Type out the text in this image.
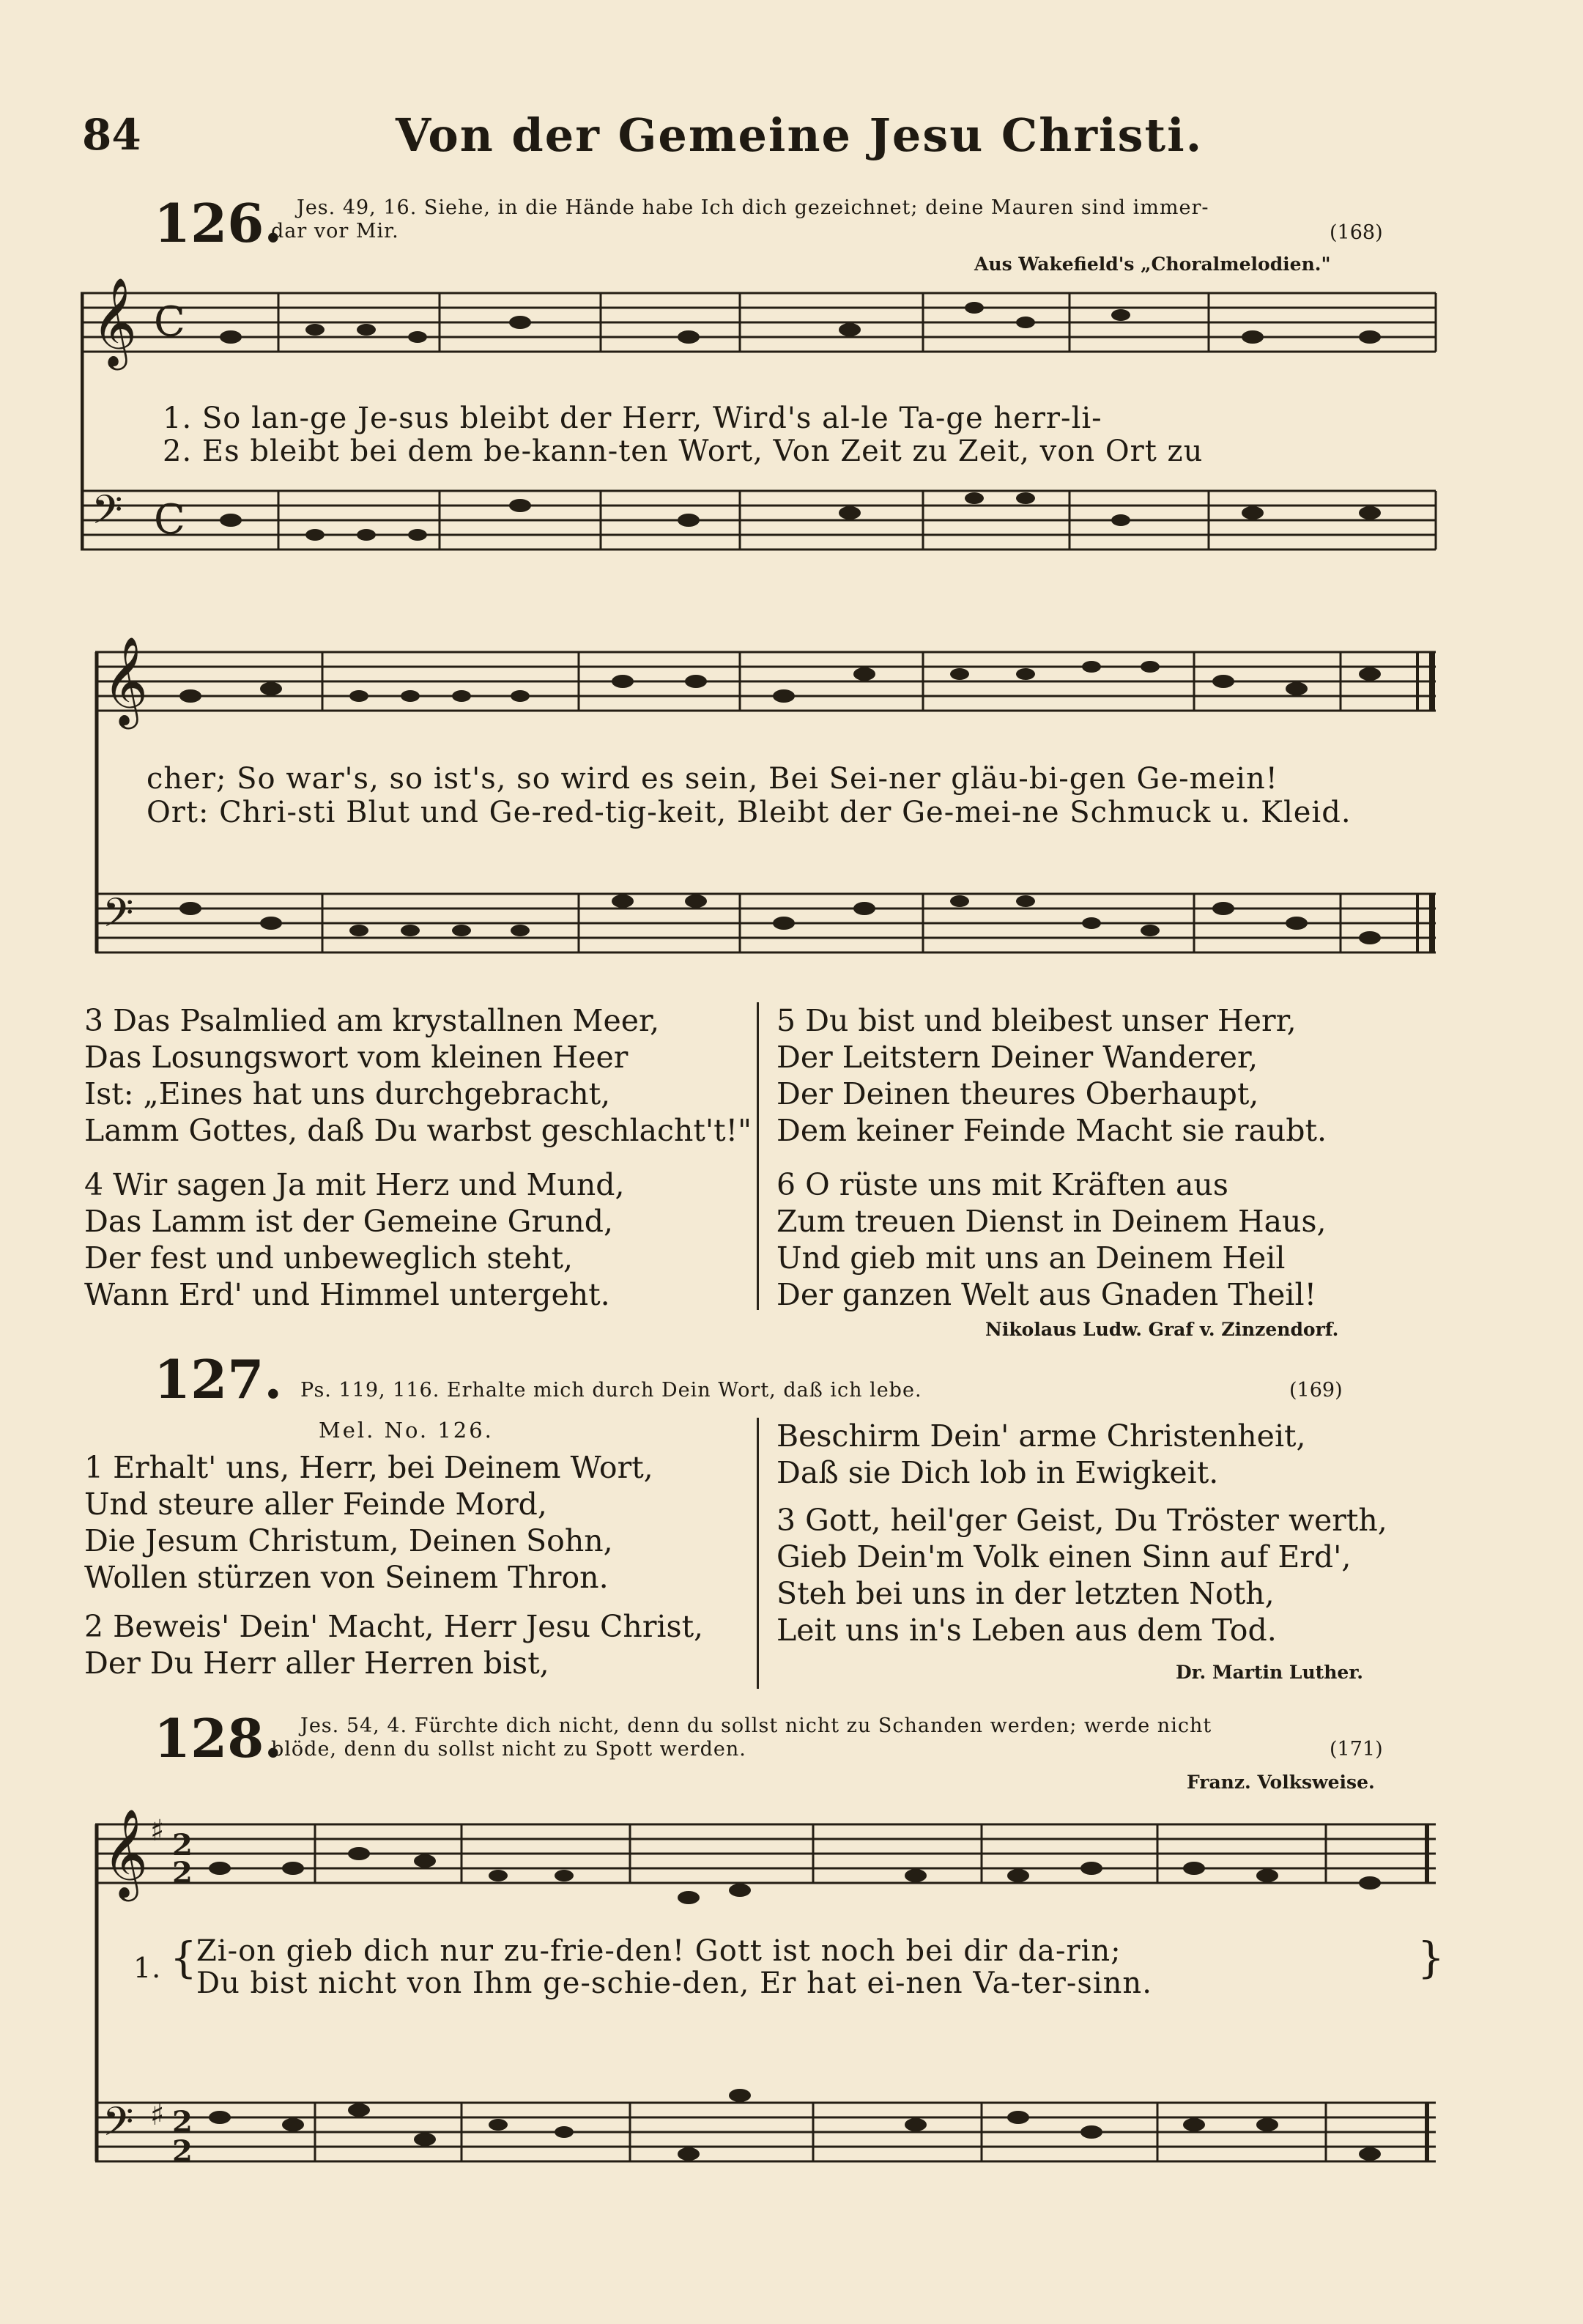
84	Von der Gemeine Jesu Christi.
126. Jes. 49, 16. Siehe, in die Hände habe Ich dich gezeichnet; deine Mauren sind immer-
dar vor Mir.	(168)
Aus Wakefield's „Choralmelodien."
𝄞 C
𝄢 C
1. So lan-ge Je-sus bleibt der Herr, Wird's al-le Ta-ge herr-li-
2. Es bleibt bei dem be-kann-ten Wort, Von Zeit zu Zeit, von Ort zu
𝄞
𝄢
cher; So war's, so ist's, so wird es sein, Bei Sei-ner gläu-bi-gen Ge-mein!
Ort: Chri-sti Blut und Ge-red-tig-keit, Bleibt der Ge-mei-ne Schmuck u. Kleid.
3 Das Psalmlied am krystallnen Meer,
Das Losungswort vom kleinen Heer
Ist: „Eines hat uns durchgebracht,
Lamm Gottes, daß Du warbst geschlacht't!"
4 Wir sagen Ja mit Herz und Mund,
Das Lamm ist der Gemeine Grund,
Der fest und unbeweglich steht,
Wann Erd' und Himmel untergeht.
5 Du bist und bleibest unser Herr,
Der Leitstern Deiner Wanderer,
Der Deinen theures Oberhaupt,
Dem keiner Feinde Macht sie raubt.
6 O rüste uns mit Kräften aus
Zum treuen Dienst in Deinem Haus,
Und gieb mit uns an Deinem Heil
Der ganzen Welt aus Gnaden Theil!
Nikolaus Ludw. Graf v. Zinzendorf.
127. Ps. 119, 116. Erhalte mich durch Dein Wort, daß ich lebe.	(169)
Mel. No. 126.
1 Erhalt' uns, Herr, bei Deinem Wort,
Und steure aller Feinde Mord,
Die Jesum Christum, Deinen Sohn,
Wollen stürzen von Seinem Thron.
2 Beweis' Dein' Macht, Herr Jesu Christ,
Der Du Herr aller Herren bist,
Beschirm Dein' arme Christenheit,
Daß sie Dich lob in Ewigkeit.
3 Gott, heil'ger Geist, Du Tröster werth,
Gieb Dein'm Volk einen Sinn auf Erd',
Steh bei uns in der letzten Noth,
Leit uns in's Leben aus dem Tod.
Dr. Martin Luther.
128. Jes. 54, 4. Fürchte dich nicht, denn du sollst nicht zu Schanden werden; werde nicht
blöde, denn du sollst nicht zu Spott werden.	(171)
Franz. Volksweise.
𝄞 ♯ 2
2
𝄢 ♯ 2
2
1. {
Zi-on gieb dich nur zu-frie-den! Gott ist noch bei dir da-rin;
Du bist nicht von Ihm ge-schie-den, Er hat ei-nen Va-ter-sinn.
}
